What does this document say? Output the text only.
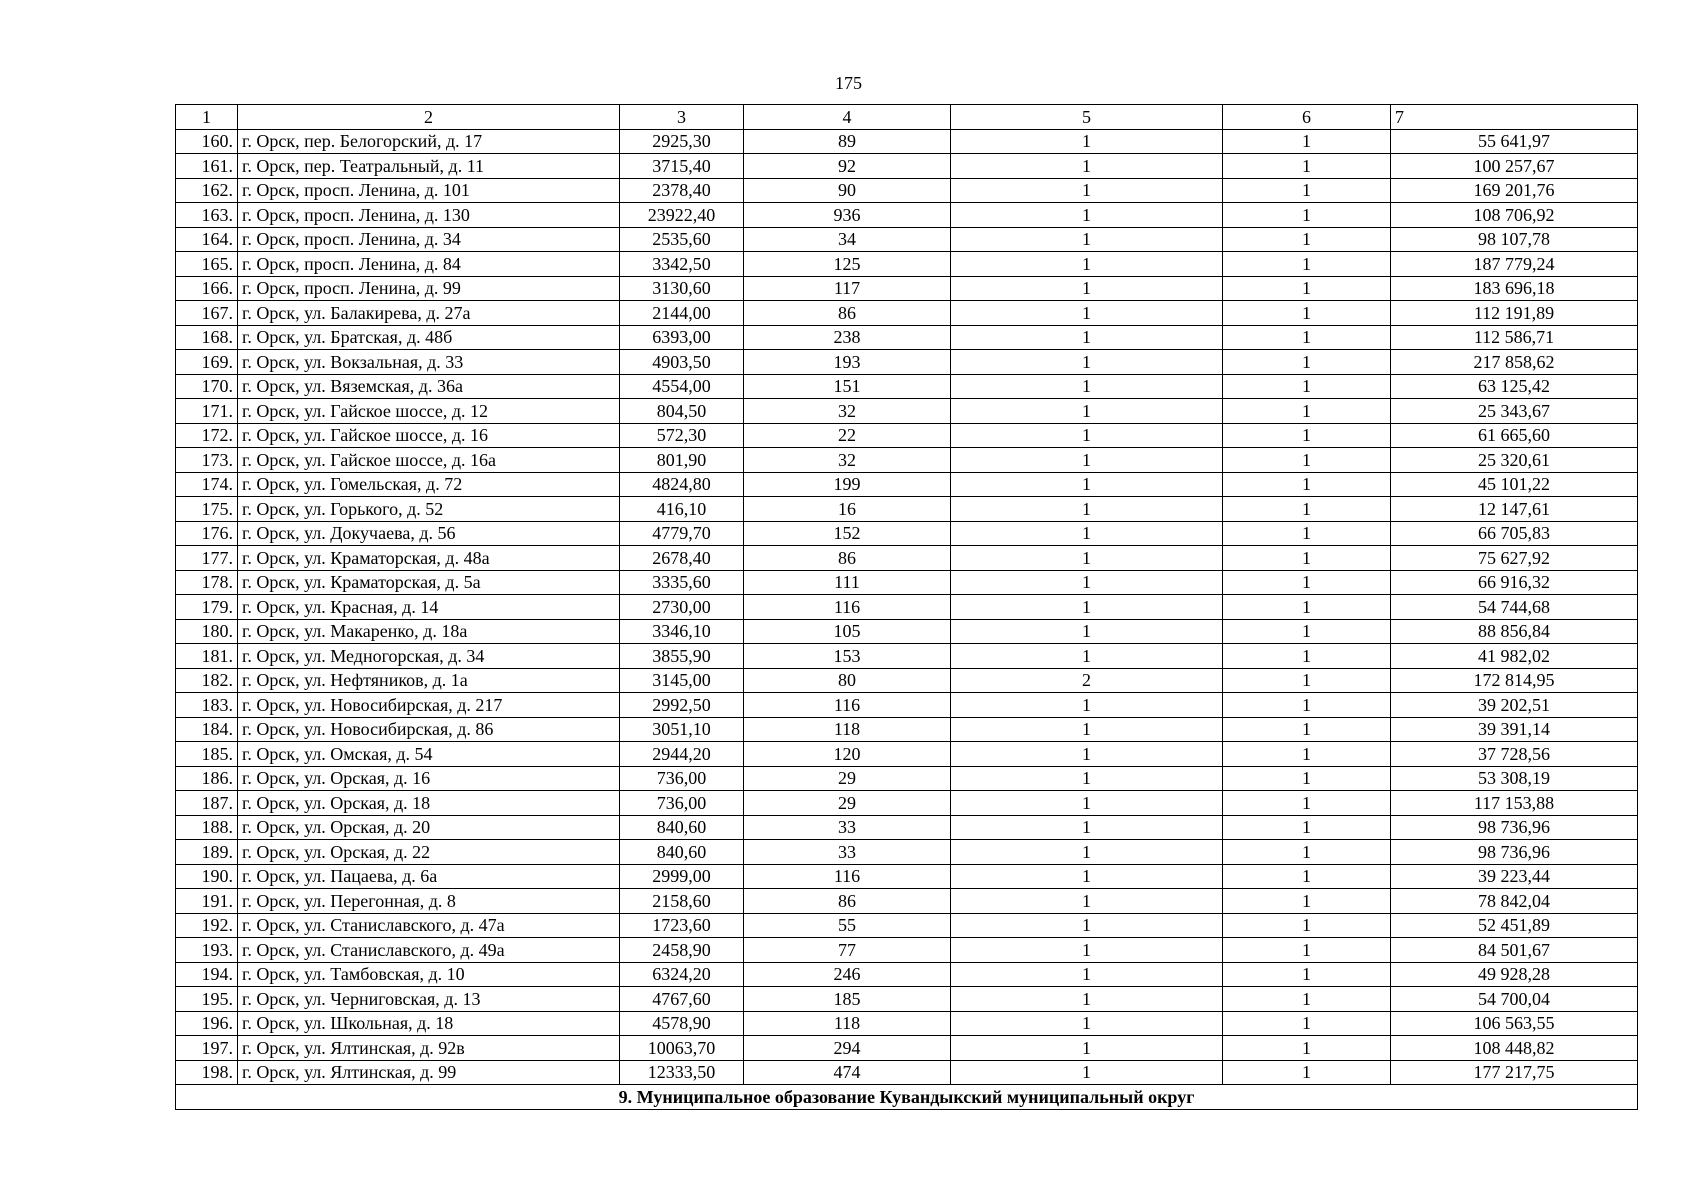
175
1	2	3	4	5	6	7
160.	г. Орск, пер. Белогорский, д. 17	2925,30	89	1	1	55 641,97
161.	г. Орск, пер. Театральный, д. 11	3715,40	92	1	1	100 257,67
162.	г. Орск, просп. Ленина, д. 101	2378,40	90	1	1	169 201,76
163.	г. Орск, просп. Ленина, д. 130	23922,40	936	1	1	108 706,92
164.	г. Орск, просп. Ленина, д. 34	2535,60	34	1	1	98 107,78
165.	г. Орск, просп. Ленина, д. 84	3342,50	125	1	1	187 779,24
166.	г. Орск, просп. Ленина, д. 99	3130,60	117	1	1	183 696,18
167.	г. Орск, ул. Балакирева, д. 27а	2144,00	86	1	1	112 191,89
168.	г. Орск, ул. Братская, д. 48б	6393,00	238	1	1	112 586,71
169.	г. Орск, ул. Вокзальная, д. 33	4903,50	193	1	1	217 858,62
170.	г. Орск, ул. Вяземская, д. 36а	4554,00	151	1	1	63 125,42
171.	г. Орск, ул. Гайское шоссе, д. 12	804,50	32	1	1	25 343,67
172.	г. Орск, ул. Гайское шоссе, д. 16	572,30	22	1	1	61 665,60
173.	г. Орск, ул. Гайское шоссе, д. 16а	801,90	32	1	1	25 320,61
174.	г. Орск, ул. Гомельская, д. 72	4824,80	199	1	1	45 101,22
175.	г. Орск, ул. Горького, д. 52	416,10	16	1	1	12 147,61
176.	г. Орск, ул. Докучаева, д. 56	4779,70	152	1	1	66 705,83
177.	г. Орск, ул. Краматорская, д. 48а	2678,40	86	1	1	75 627,92
178.	г. Орск, ул. Краматорская, д. 5а	3335,60	111	1	1	66 916,32
179.	г. Орск, ул. Красная, д. 14	2730,00	116	1	1	54 744,68
180.	г. Орск, ул. Макаренко, д. 18а	3346,10	105	1	1	88 856,84
181.	г. Орск, ул. Медногорская, д. 34	3855,90	153	1	1	41 982,02
182.	г. Орск, ул. Нефтяников, д. 1а	3145,00	80	2	1	172 814,95
183.	г. Орск, ул. Новосибирская, д. 217	2992,50	116	1	1	39 202,51
184.	г. Орск, ул. Новосибирская, д. 86	3051,10	118	1	1	39 391,14
185.	г. Орск, ул. Омская, д. 54	2944,20	120	1	1	37 728,56
186.	г. Орск, ул. Орская, д. 16	736,00	29	1	1	53 308,19
187.	г. Орск, ул. Орская, д. 18	736,00	29	1	1	117 153,88
188.	г. Орск, ул. Орская, д. 20	840,60	33	1	1	98 736,96
189.	г. Орск, ул. Орская, д. 22	840,60	33	1	1	98 736,96
190.	г. Орск, ул. Пацаева, д. 6а	2999,00	116	1	1	39 223,44
191.	г. Орск, ул. Перегонная, д. 8	2158,60	86	1	1	78 842,04
192.	г. Орск, ул. Станиславского, д. 47а	1723,60	55	1	1	52 451,89
193.	г. Орск, ул. Станиславского, д. 49а	2458,90	77	1	1	84 501,67
194.	г. Орск, ул. Тамбовская, д. 10	6324,20	246	1	1	49 928,28
195.	г. Орск, ул. Черниговская, д. 13	4767,60	185	1	1	54 700,04
196.	г. Орск, ул. Школьная, д. 18	4578,90	118	1	1	106 563,55
197.	г. Орск, ул. Ялтинская, д. 92в	10063,70	294	1	1	108 448,82
198.	г. Орск, ул. Ялтинская, д. 99	12333,50	474	1	1	177 217,75
9. Муниципальное образование Кувандыкский муниципальный округ						
